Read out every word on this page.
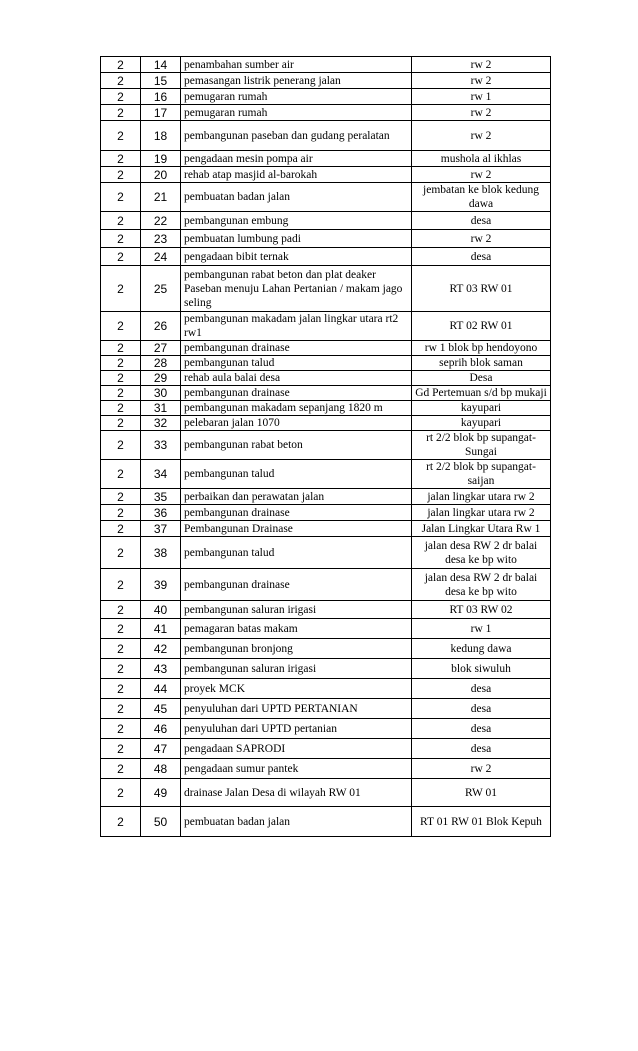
2	14	penambahan sumber air	rw 2
2	15	pemasangan listrik penerang jalan	rw 2
2	16	pemugaran rumah	rw 1
2	17	pemugaran rumah	rw 2
2	18	pembangunan paseban dan gudang peralatan	rw 2
2	19	pengadaan mesin pompa air	mushola al ikhlas
2	20	rehab atap masjid al-barokah	rw 2
2	21	pembuatan badan jalan	jembatan ke blok kedung dawa
2	22	pembangunan embung	desa
2	23	pembuatan lumbung padi	rw 2
2	24	pengadaan bibit ternak	desa
2	25	pembangunan rabat beton dan plat deaker Paseban menuju Lahan Pertanian / makam jago seling	RT 03 RW 01
2	26	pembangunan makadam jalan lingkar utara rt2 rw1	RT 02 RW 01
2	27	pembangunan drainase	rw 1 blok bp hendoyono
2	28	pembangunan talud	seprih blok saman
2	29	rehab aula balai desa	Desa
2	30	pembangunan drainase	Gd Pertemuan s/d bp mukaji
2	31	pembangunan makadam sepanjang 1820 m	kayupari
2	32	pelebaran jalan 1070	kayupari
2	33	pembangunan rabat beton	rt 2/2 blok bp supangat-Sungai
2	34	pembangunan talud	rt 2/2 blok bp supangat-saijan
2	35	perbaikan dan perawatan jalan	jalan lingkar utara rw 2
2	36	pembangunan drainase	jalan lingkar utara rw 2
2	37	Pembangunan Drainase	Jalan Lingkar Utara Rw 1
2	38	pembangunan talud	jalan desa RW 2 dr balai desa ke bp wito
2	39	pembangunan drainase	jalan desa RW 2 dr balai desa ke bp wito
2	40	pembangunan saluran irigasi	RT 03 RW 02
2	41	pemagaran batas makam	rw 1
2	42	pembangunan bronjong	kedung dawa
2	43	pembangunan saluran irigasi	blok siwuluh
2	44	proyek MCK	desa
2	45	penyuluhan dari UPTD PERTANIAN	desa
2	46	penyuluhan dari UPTD pertanian	desa
2	47	pengadaan SAPRODI	desa
2	48	pengadaan sumur pantek	rw 2
2	49	drainase Jalan Desa di wilayah RW 01	RW 01
2	50	pembuatan badan jalan	RT 01 RW 01 Blok Kepuh
